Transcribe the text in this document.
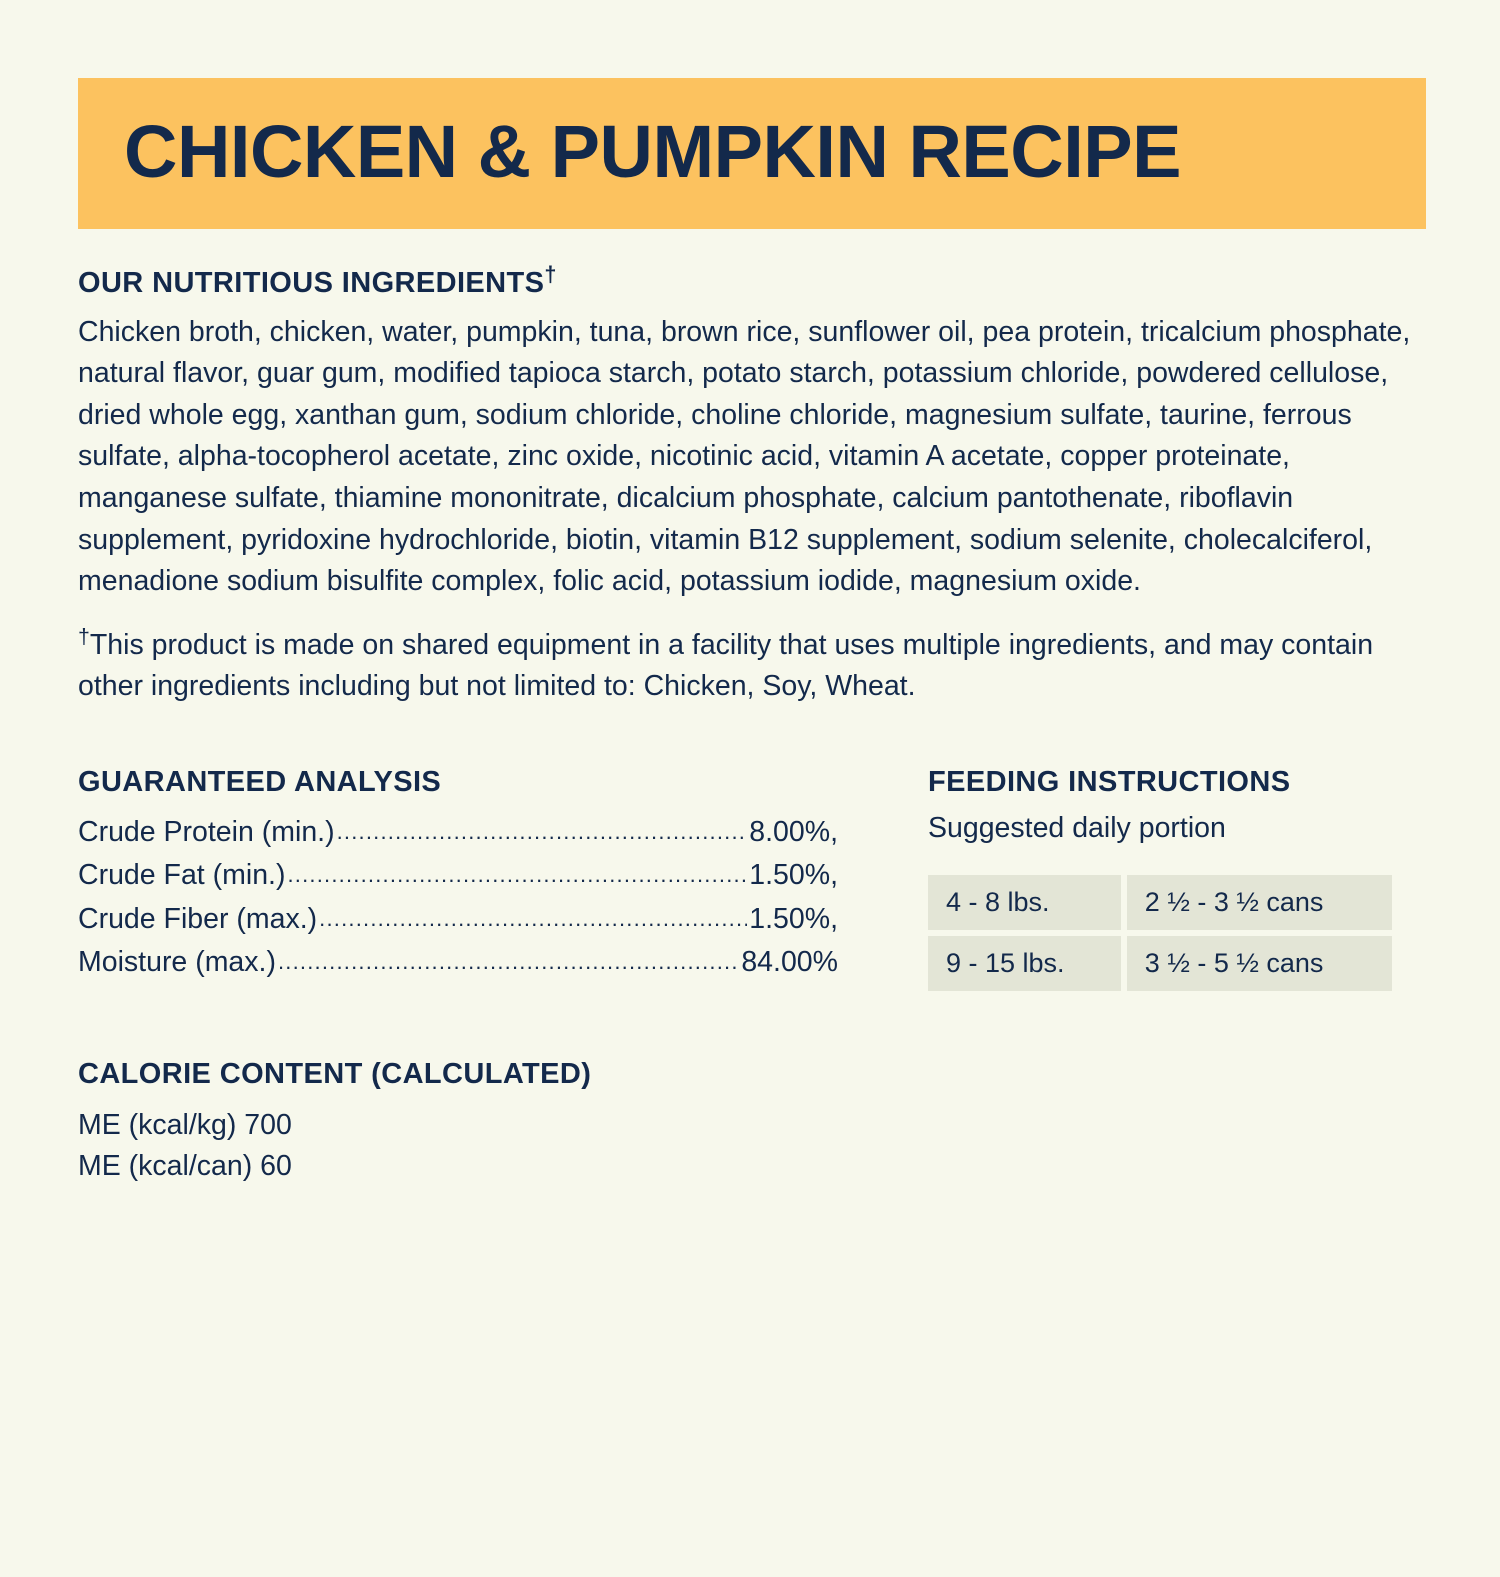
CHICKEN & PUMPKIN RECIPE
OUR NUTRITIOUS INGREDIENTS†

Chicken broth, chicken, water, pumpkin, tuna, brown rice, sunflower oil, pea protein, tricalcium phosphate, natural flavor, guar gum, modified tapioca starch, potato starch, potassium chloride, powdered cellulose, dried whole egg, xanthan gum, sodium chloride, choline chloride, magnesium sulfate, taurine, ferrous sulfate, alpha-tocopherol acetate, zinc oxide, nicotinic acid, vitamin A acetate, copper proteinate, manganese sulfate, thiamine mononitrate, dicalcium phosphate, calcium pantothenate, riboflavin supplement, pyridoxine hydrochloride, biotin, vitamin B12 supplement, sodium selenite, cholecalciferol, menadione sodium bisulfite complex, folic acid, potassium iodide, magnesium oxide.

†This product is made on shared equipment in a facility that uses multiple ingredients, and may contain other ingredients including but not limited to: Chicken, Soy, Wheat.

GUARANTEED ANALYSIS
Crude Protein (min.) .....	8.00%,
Crude Fat (min.) .....	1.50%,
Crude Fiber (max.) .....	1.50%,
Moisture (max.) .....	84.00%
CALORIE CONTENT (CALCULATED)

ME (kcal/kg) 700

ME (kcal/can) 60

FEEDING INSTRUCTIONS

Suggested daily portion

4 - 8 lbs.	2 ½ - 3 ½ cans
9 - 15 lbs.	3 ½ - 5 ½ cans
